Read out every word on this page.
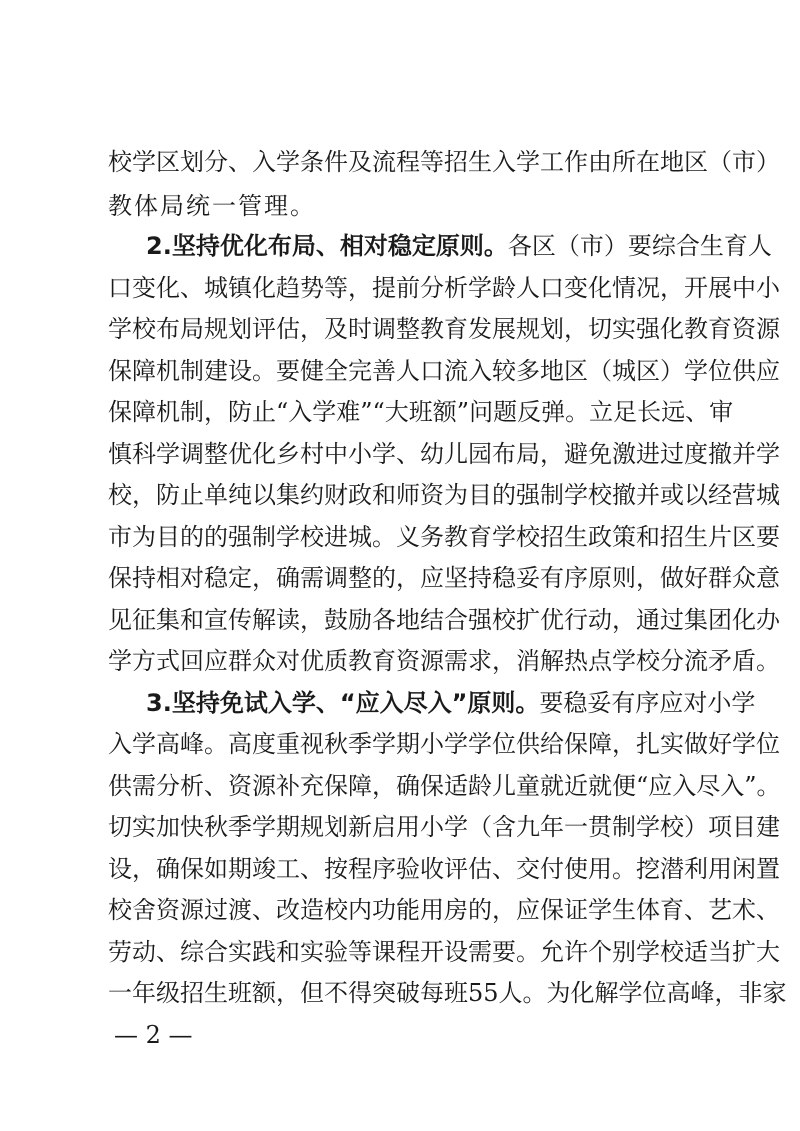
校学区划分、入学条件及流程等招生入学工作由所在地区（市）
教体局统一管理。
2.坚持优化布局、相对稳定原则。各区（市）要综合生育人
口变化、城镇化趋势等，提前分析学龄人口变化情况，开展中小
学校布局规划评估，及时调整教育发展规划，切实强化教育资源
保障机制建设。要健全完善人口流入较多地区（城区）学位供应
保障机制，防止“入学难”“大班额”问题反弹。立足长远、审
慎科学调整优化乡村中小学、幼儿园布局，避免激进过度撤并学
校，防止单纯以集约财政和师资为目的强制学校撤并或以经营城
市为目的的强制学校进城。义务教育学校招生政策和招生片区要
保持相对稳定，确需调整的，应坚持稳妥有序原则，做好群众意
见征集和宣传解读，鼓励各地结合强校扩优行动，通过集团化办
学方式回应群众对优质教育资源需求，消解热点学校分流矛盾。
3.坚持免试入学、“应入尽入”原则。要稳妥有序应对小学
入学高峰。高度重视秋季学期小学学位供给保障，扎实做好学位
供需分析、资源补充保障，确保适龄儿童就近就便“应入尽入”。
切实加快秋季学期规划新启用小学（含九年一贯制学校）项目建
设，确保如期竣工、按程序验收评估、交付使用。挖潜利用闲置
校舍资源过渡、改造校内功能用房的，应保证学生体育、艺术、
劳动、综合实践和实验等课程开设需要。允许个别学校适当扩大
一年级招生班额，但不得突破每班55人。为化解学位高峰，非家
— 2 —
